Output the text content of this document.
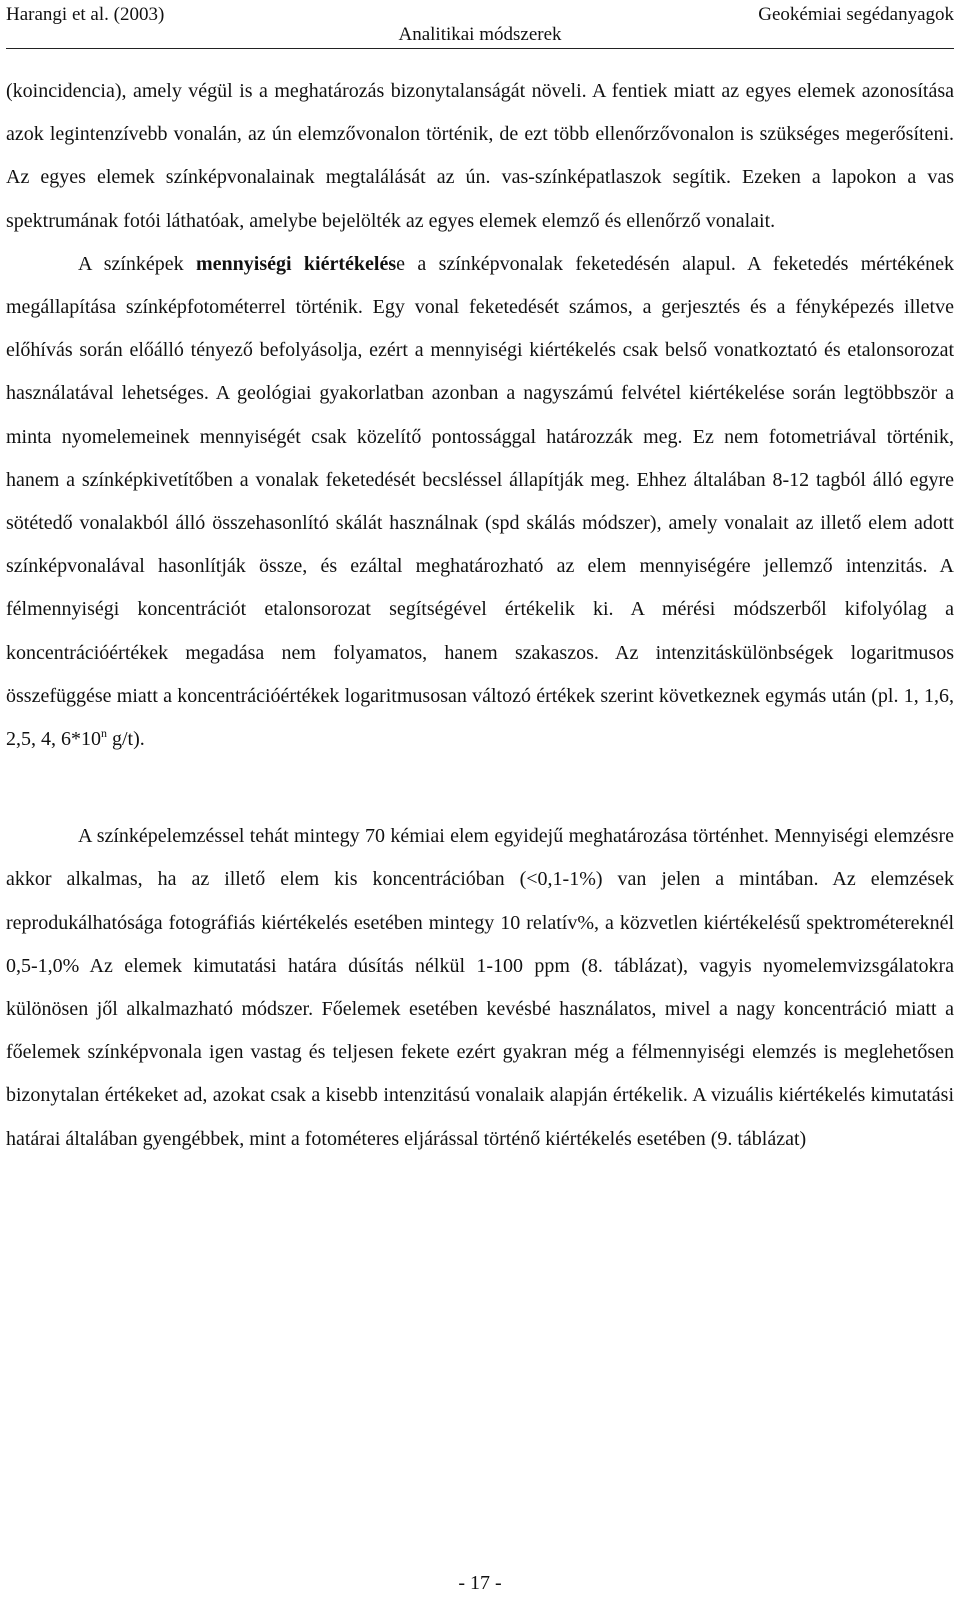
Harangi et al. (2003)	Geokémiai segédanyagok
Analitikai módszerek

(koincidencia), amely végül is a meghatározás bizonytalanságát növeli. A fentiek miatt az egyes elemek azonosítása azok legintenzívebb vonalán, az ún elemzővonalon történik, de ezt több ellenőrzővonalon is szükséges megerősíteni. Az egyes elemek színképvonalainak megtalálását az ún. vas-színképatlaszok segítik. Ezeken a lapokon a vas spektrumának fotói láthatóak, amelybe bejelölték az egyes elemek elemző és ellenőrző vonalait.

A színképek mennyiségi kiértékelése a színképvonalak feketedésén alapul. A feketedés mértékének megállapítása színképfotométerrel történik. Egy vonal feketedését számos, a gerjesztés és a fényképezés illetve előhívás során előálló tényező befolyásolja, ezért a mennyiségi kiértékelés csak belső vonatkoztató és etalonsorozat használatával lehetséges. A geológiai gyakorlatban azonban a nagyszámú felvétel kiértékelése során legtöbbször a minta nyomelemeinek mennyiségét csak közelítő pontossággal határozzák meg. Ez nem fotometriával történik, hanem a színképkivetítőben a vonalak feketedését becsléssel állapítják meg. Ehhez általában 8-12 tagból álló egyre sötétedő vonalakból álló összehasonlító skálát használnak (spd skálás módszer), amely vonalait az illető elem adott színképvonalával hasonlítják össze, és ezáltal meghatározható az elem mennyiségére jellemző intenzitás. A félmennyiségi koncentrációt etalonsorozat segítségével értékelik ki. A mérési módszerből kifolyólag a koncentrációértékek megadása nem folyamatos, hanem szakaszos. Az intenzitáskülönbségek logaritmusos összefüggése miatt a koncentrációértékek logaritmusosan változó értékek szerint következnek egymás után (pl. 1, 1,6, 2,5, 4, 6*10$^n$ g/t).

A színképelemzéssel tehát mintegy 70 kémiai elem egyidejű meghatározása történhet. Mennyiségi elemzésre akkor alkalmas, ha az illető elem kis koncentrációban (<0,1-1%) van jelen a mintában. Az elemzések reprodukálhatósága fotográfiás kiértékelés esetében mintegy 10 relatív%, a közvetlen kiértékelésű spektrométereknél 0,5-1,0% Az elemek kimutatási határa dúsítás nélkül 1-100 ppm (8. táblázat), vagyis nyomelemvizsgálatokra különösen jől alkalmazható módszer. Főelemek esetében kevésbé használatos, mivel a nagy koncentráció miatt a főelemek színképvonala igen vastag és teljesen fekete ezért gyakran még a félmennyiségi elemzés is meglehetősen bizonytalan értékeket ad, azokat csak a kisebb intenzitású vonalaik alapján értékelik. A vizuális kiértékelés kimutatási határai általában gyengébbek, mint a fotométeres eljárással történő kiértékelés esetében (9. táblázat)

- 17 -
